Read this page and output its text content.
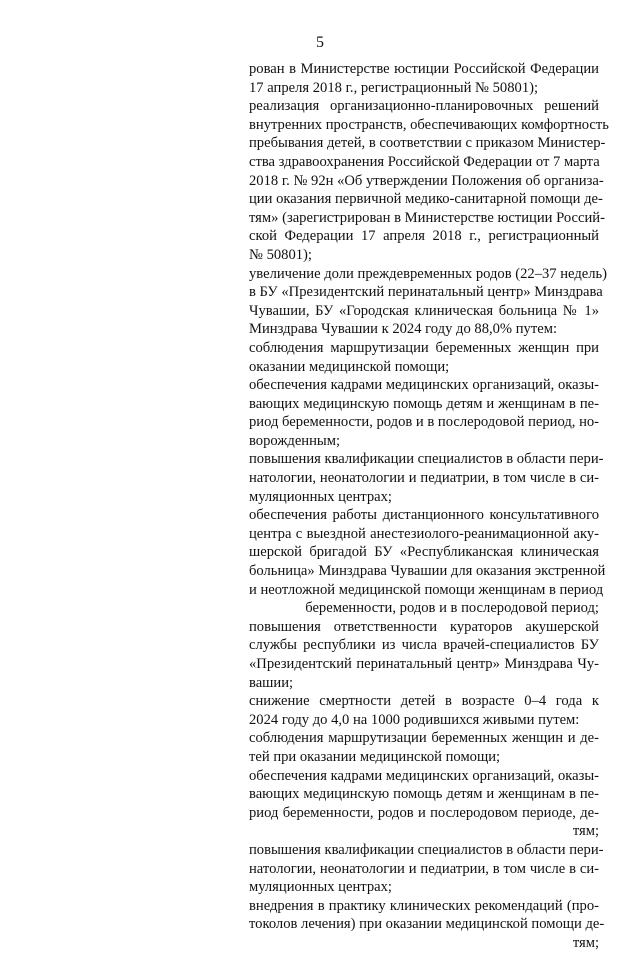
5
рован в Министерстве юстиции Российской Федерации
17 апреля 2018 г., регистрационный № 50801);
реализация организационно-планировочных решений
внутренних пространств, обеспечивающих комфортность
пребывания детей, в соответствии с приказом Министер-
ства здравоохранения Российской Федерации от 7 марта
2018 г. № 92н «Об утверждении Положения об организа-
ции оказания первичной медико-санитарной помощи де-
тям» (зарегистрирован в Министерстве юстиции Россий-
ской Федерации 17 апреля 2018 г., регистрационный
№ 50801);
увеличение доли преждевременных родов (22–37 недель)
в БУ «Президентский перинатальный центр» Минздрава
Чувашии, БУ «Городская клиническая больница № 1»
Минздрава Чувашии к 2024 году до 88,0% путем:
соблюдения маршрутизации беременных женщин при
оказании медицинской помощи;
обеспечения кадрами медицинских организаций, оказы-
вающих медицинскую помощь детям и женщинам в пе-
риод беременности, родов и в послеродовой период, но-
ворожденным;
повышения квалификации специалистов в области пери-
натологии, неонатологии и педиатрии, в том числе в си-
муляционных центрах;
обеспечения работы дистанционного консультативного
центра с выездной анестезиолого-реанимационной аку-
шерской бригадой БУ «Республиканская клиническая
больница» Минздрава Чувашии для оказания экстренной
и неотложной медицинской помощи женщинам в период
беременности, родов и в послеродовой период;
повышения ответственности кураторов акушерской
службы республики из числа врачей-специалистов БУ
«Президентский перинатальный центр» Минздрава Чу-
вашии;
снижение смертности детей в возрасте 0–4 года к
2024 году до 4,0 на 1000 родившихся живыми путем:
соблюдения маршрутизации беременных женщин и де-
тей при оказании медицинской помощи;
обеспечения кадрами медицинских организаций, оказы-
вающих медицинскую помощь детям и женщинам в пе-
риод беременности, родов и послеродовом периоде, де-
тям;
повышения квалификации специалистов в области пери-
натологии, неонатологии и педиатрии, в том числе в си-
муляционных центрах;
внедрения в практику клинических рекомендаций (про-
токолов лечения) при оказании медицинской помощи де-
тям;
